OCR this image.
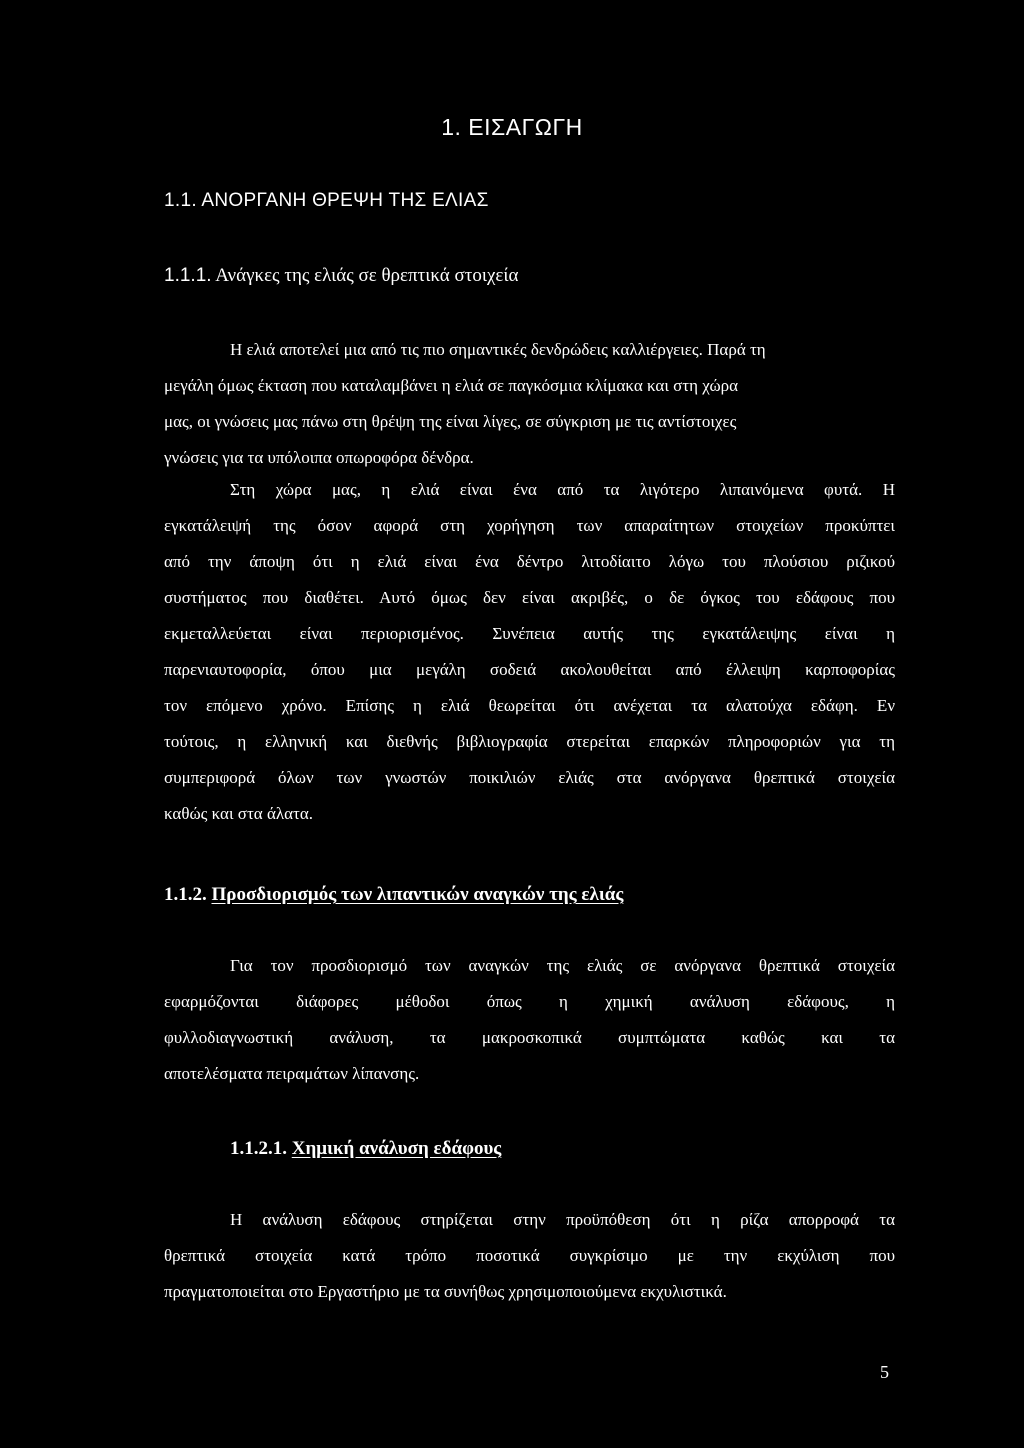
1. ΕΙΣΑΓΩΓΗ
1.1. ΑΝΟΡΓΑΝΗ ΘΡΕΨΗ ΤΗΣ ΕΛΙΑΣ
1.1.1. Ανάγκες της ελιάς σε θρεπτικά στοιχεία
Η ελιά αποτελεί μια από τις πιο σημαντικές δενδρώδεις καλλιέργειες. Παρά τη
μεγάλη όμως έκταση που καταλαμβάνει η ελιά σε παγκόσμια κλίμακα και στη χώρα
μας, οι γνώσεις μας πάνω στη θρέψη της είναι λίγες, σε σύγκριση με τις αντίστοιχες
γνώσεις για τα υπόλοιπα οπωροφόρα δένδρα.
Στη χώρα μας, η ελιά είναι ένα από τα λιγότερο λιπαινόμενα φυτά. Η
εγκατάλειψή της όσον αφορά στη χορήγηση των απαραίτητων στοιχείων προκύπτει
από την άποψη ότι η ελιά είναι ένα δέντρο λιτοδίαιτο λόγω του πλούσιου ριζικού
συστήματος που διαθέτει. Αυτό όμως δεν είναι ακριβές, ο δε όγκος του εδάφους που
εκμεταλλεύεται είναι περιορισμένος. Συνέπεια αυτής της εγκατάλειψης είναι η
παρενιαυτοφορία, όπου μια μεγάλη σοδειά ακολουθείται από έλλειψη καρποφορίας
τον επόμενο χρόνο. Επίσης η ελιά θεωρείται ότι ανέχεται τα αλατούχα εδάφη. Εν
τούτοις, η ελληνική και διεθνής βιβλιογραφία στερείται επαρκών πληροφοριών για τη
συμπεριφορά όλων των γνωστών ποικιλιών ελιάς στα ανόργανα θρεπτικά στοιχεία
καθώς και στα άλατα.
1.1.2. Προσδιορισμός των λιπαντικών αναγκών της ελιάς
Για τον προσδιορισμό των αναγκών της ελιάς σε ανόργανα θρεπτικά στοιχεία
εφαρμόζονται διάφορες μέθοδοι όπως η χημική ανάλυση εδάφους, η
φυλλοδιαγνωστική ανάλυση, τα μακροσκοπικά συμπτώματα καθώς και τα
αποτελέσματα πειραμάτων λίπανσης.
1.1.2.1. Χημική ανάλυση εδάφους
Η ανάλυση εδάφους στηρίζεται στην προϋπόθεση ότι η ρίζα απορροφά τα
θρεπτικά στοιχεία κατά τρόπο ποσοτικά συγκρίσιμο με την εκχύλιση που
πραγματοποιείται στο Εργαστήριο με τα συνήθως χρησιμοποιούμενα εκχυλιστικά.
5
